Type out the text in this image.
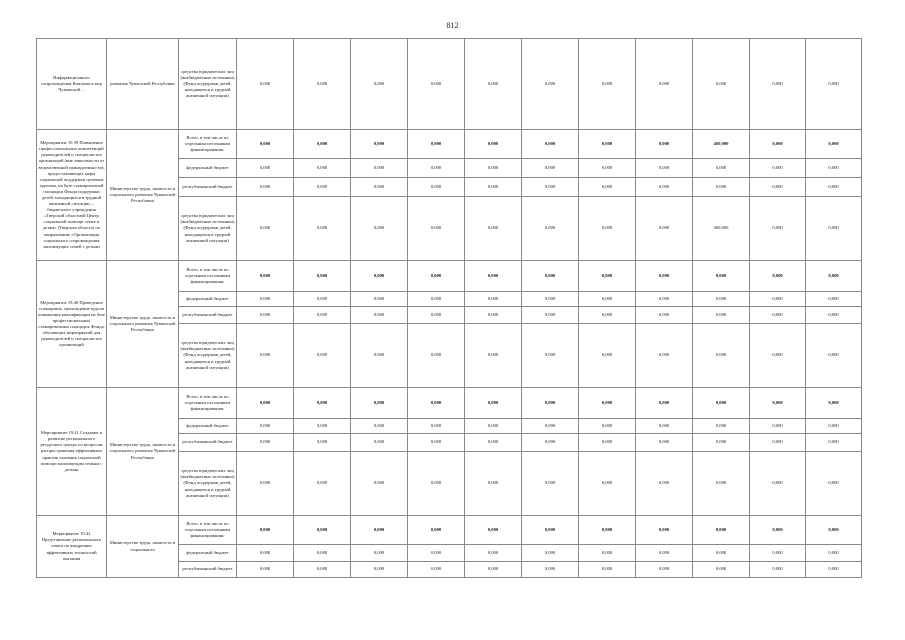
812
Информационного сопровождения Комплекса мер Чувашской ...	развития Чувашской Республики	средства юридических лиц (внебюджетные источники) (Фонд поддержки детей, находящихся в трудной жизненной ситуации)	0,000	0,000	0,000	0,000	0,000	0,000	0,000	0,000	0,000	0,000	0,000
Мероприятие 19.39 Повышение профессиональных компетенций руководителей и специалистов организаций (вне зависимости от ведомственной принадлежности), предоставляющих меры социальной поддержки целевым группам, на базе стажировочной площадки Фонда поддержки детей, находящихся в трудной жизненной ситуации, – бюджетного учреждения «Тверской областной Центр социальной помощи семье и детям» (Тверская область) по направлению «Организация социального сопровождения малоимущих семей с детьми	Министерство труда, занятости и социального развития Чувашской Республики	Всего, в том числе по отдельным источникам финансирования:	0,000	0,000	0,000	0,000	0,000	0,000	0,000	0,000	469,000	0,000	0,000
		федеральный бюджет	0,000	0,000	0,000	0,000	0,000	0,000	0,000	0,000	0,000	0,000	0,000
		республиканский бюджет	0,000	0,000	0,000	0,000	0,000	0,000	0,000	0,000	0,000	0,000	0,000
		средства юридических лиц (внебюджетные источники) (Фонд поддержки детей, находящихся в трудной жизненной ситуации)	0,000	0,000	0,000	0,000	0,000	0,000	0,000	0,000	469,000	0,000	0,000
Мероприятие 19.40 Проведение стажировок, прохождение курсов повышения квалификации на базе профессиональных стажировочных площадок Фонда, обучающих мероприятий для руководителей и специалистов организаций	Министерство труда, занятости и социального развития Чувашской Республики	Всего, в том числе по отдельным источникам финансирования:	0,000	0,000	0,000	0,000	0,000	0,000	0,000	0,000	0,000	0,000	0,000
		федеральный бюджет	0,000	0,000	0,000	0,000	0,000	0,000	0,000	0,000	0,000	0,000	0,000
		республиканский бюджет	0,000	0,000	0,000	0,000	0,000	0,000	0,000	0,000	0,000	0,000	0,000
		средства юридических лиц (внебюджетные источники) (Фонд поддержки детей, находящихся в трудной жизненной ситуации)	0,000	0,000	0,000	0,000	0,000	0,000	0,000	0,000	0,000	0,000	0,000
Мероприятие 19.41 Создание и развитие регионального ресурсного центра по вопросам распространения эффективных практик оказания социальной помощи малоимущим семьям с детьми	Министерство труда, занятости и социального развития Чувашской Республики	Всего, в том числе по отдельным источникам финансирования:	0,000	0,000	0,000	0,000	0,000	0,000	0,000	0,000	0,000	0,000	0,000
		федеральный бюджет	0,000	0,000	0,000	0,000	0,000	0,000	0,000	0,000	0,000	0,000	0,000
		республиканский бюджет	0,000	0,000	0,000	0,000	0,000	0,000	0,000	0,000	0,000	0,000	0,000
		средства юридических лиц (внебюджетные источники) (Фонд поддержки детей, находящихся в трудной жизненной ситуации)	0,000	0,000	0,000	0,000	0,000	0,000	0,000	0,000	0,000	0,000	0,000
Мероприятие 19.42 Представление регионального опыта по внедрению эффективных технологий оказания	Министерство труда, занятости и социального	Всего, в том числе по отдельным источникам финансирования:	0,000	0,000	0,000	0,000	0,000	0,000	0,000	0,000	0,000	0,000	0,000
		федеральный бюджет	0,000	0,000	0,000	0,000	0,000	0,000	0,000	0,000	0,000	0,000	0,000
		республиканский бюджет	0,000	0,000	0,000	0,000	0,000	0,000	0,000	0,000	0,000	0,000	0,000
